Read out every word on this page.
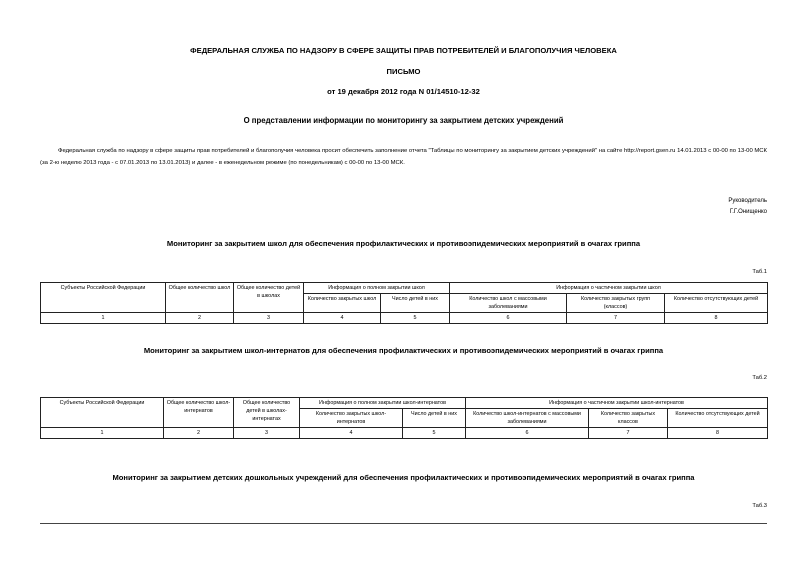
ФЕДЕРАЛЬНАЯ СЛУЖБА ПО НАДЗОРУ В СФЕРЕ ЗАЩИТЫ ПРАВ ПОТРЕБИТЕЛЕЙ И БЛАГОПОЛУЧИЯ ЧЕЛОВЕКА
ПИСЬМО
от 19 декабря 2012 года N 01/14510-12-32
О представлении информации по мониторингу за закрытием детских учреждений
Федеральная служба по надзору в сфере защиты прав потребителей и благополучия человека просит обеспечить заполнение отчета "Таблицы по мониторингу за закрытием детских учреждений" на сайте http://report.gsen.ru 14.01.2013 с 00-00 по 13-00 МСК (за 2-ю неделю 2013 года - с 07.01.2013 по 13.01.2013) и далее - в еженедельном режиме (по понедельникам) с 00-00 по 13-00 МСК.
Руководитель
Г.Г.Онищенко
Мониторинг за закрытием школ для обеспечения профилактических и противоэпидемических мероприятий в очагах гриппа
Таб.1
Субъекты Российской Федерации	Общее количество школ	Общее количество детей в школах	Информация о полном закрытии школ		Информация о частичном закрытии школ		
			Количество закрытых школ	Число детей в них	Количество школ с массовыми заболеваниями	Количество закрытых групп (классов)	Количество отсутствующих детей
1	2	3	4	5	6	7	8
Мониторинг за закрытием школ-интернатов для обеспечения профилактических и противоэпидемических мероприятий в очагах гриппа
Таб.2
Субъекты Российской Федерации	Общее количество школ-интернатов	Общее количество детей в школах-интернатах	Информация о полном закрытии школ-интернатов		Информация о частичном закрытии школ-интернатов		
			Количество закрытых школ-интернатов	Число детей в них	Количество школ-интернатов с массовыми заболеваниями	Количество закрытых классов	Количество отсутствующих детей
1	2	3	4	5	6	7	8
Мониторинг за закрытием детских дошкольных учреждений для обеспечения профилактических и противоэпидемических мероприятий в очагах гриппа
Таб.3
